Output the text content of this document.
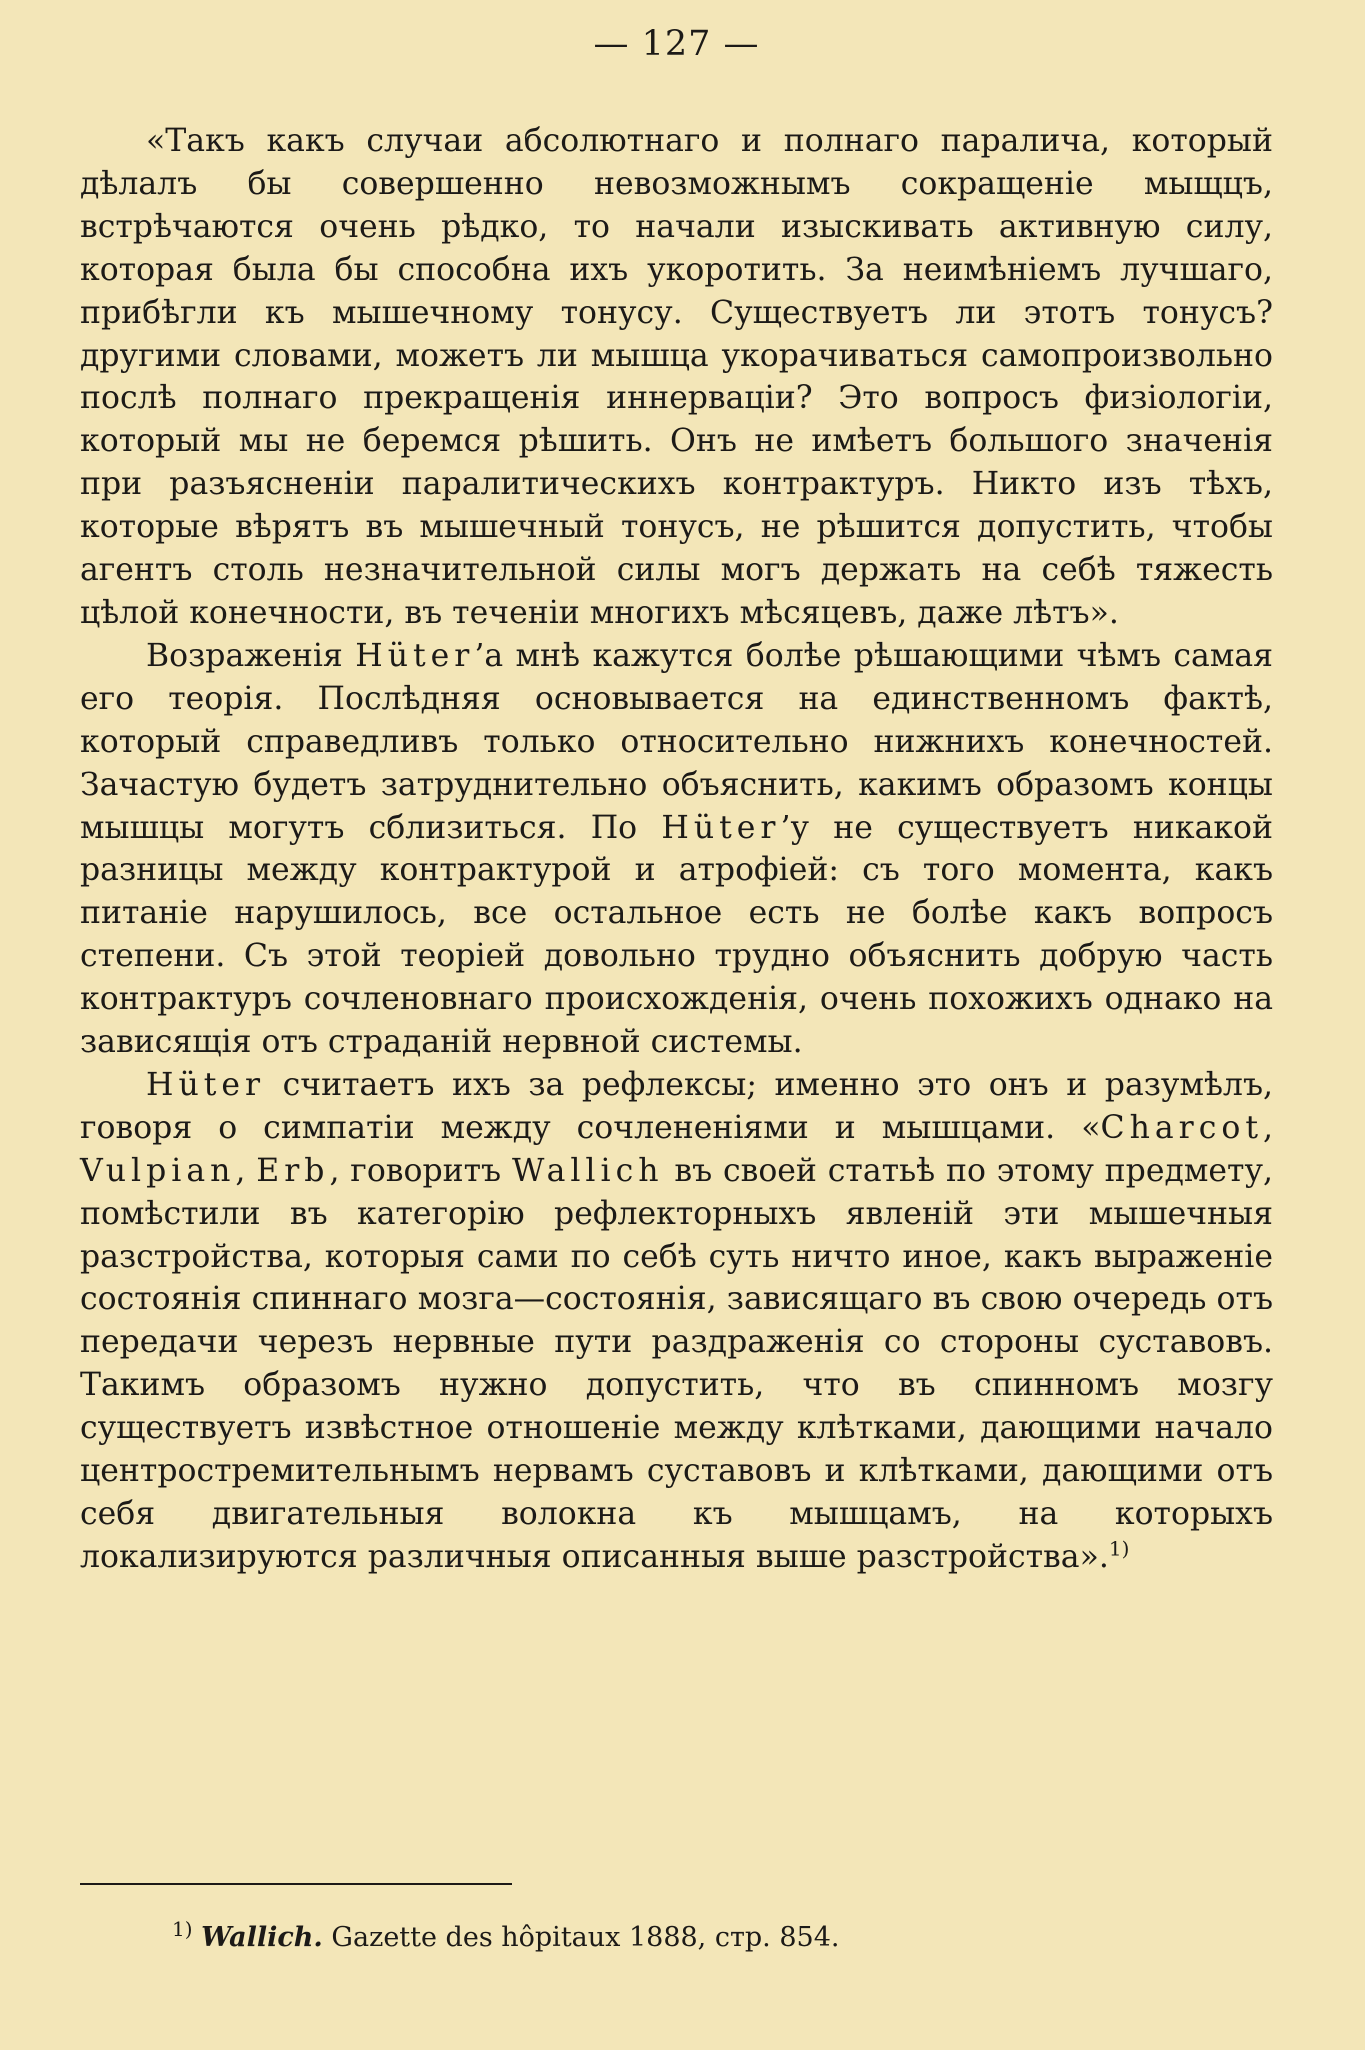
— 127 —

«Такъ какъ случаи абсолютнаго и полнаго паралича, который дѣлалъ бы совершенно невозможнымъ сокращеніе мыщцъ, встрѣчаются очень рѣдко, то начали изыскивать активную силу, которая была бы способна ихъ укоротить. За неимѣніемъ лучшаго, прибѣгли къ мышечному тонусу. Существуетъ ли этотъ тонусъ? другими словами, можетъ ли мышца укорачиваться самопроизвольно послѣ полнаго прекращенія иннерваціи? Это вопросъ физіологіи, который мы не беремся рѣшить. Онъ не имѣетъ большого значенія при разъясненіи паралитическихъ контрактуръ. Никто изъ тѣхъ, которые вѣрятъ въ мышечный тонусъ, не рѣшится допустить, чтобы агентъ столь незначительной силы могъ держать на себѣ тяжесть цѣлой конечности, въ теченіи многихъ мѣсяцевъ, даже лѣтъ».

Возраженія Hüter’а мнѣ кажутся болѣе рѣшающими чѣмъ самая его теорія. Послѣдняя основывается на единственномъ фактѣ, который справедливъ только относительно нижнихъ конечностей. Зачастую будетъ затруднительно объяснить, какимъ образомъ концы мышцы могутъ сблизиться. По Hüter’у не существуетъ никакой разницы между контрактурой и атрофіей: съ того момента, какъ питаніе нарушилось, все остальное есть не болѣе какъ вопросъ степени. Съ этой теоріей довольно трудно объяснить добрую часть контрактуръ сочленовнаго происхожденія, очень похожихъ однако на зависящія отъ страданій нервной системы.

Hüter считаетъ ихъ за рефлексы; именно это онъ и разумѣлъ, говоря о симпатіи между сочлененіями и мышцами. «Charcot, Vulpian, Erb, говоритъ Wallich въ своей статьѣ по этому предмету, помѣстили въ категорію рефлекторныхъ явленій эти мышечныя разстройства, которыя сами по себѣ суть ничто иное, какъ выраженіе состоянія спиннаго мозга—состоянія, зависящаго въ свою очередь отъ передачи черезъ нервные пути раздраженія со стороны суставовъ. Такимъ образомъ нужно допустить, что въ спинномъ мозгу существуетъ извѣстное отношеніе между клѣтками, дающими начало центростремительнымъ нервамъ суставовъ и клѣтками, дающими отъ себя двигательныя волокна къ мышцамъ, на которыхъ локализируются различныя описанныя выше разстройства».$^{1)}$

$^{1)}$ Wallich. Gazette des hôpitaux 1888, стр. 854.
